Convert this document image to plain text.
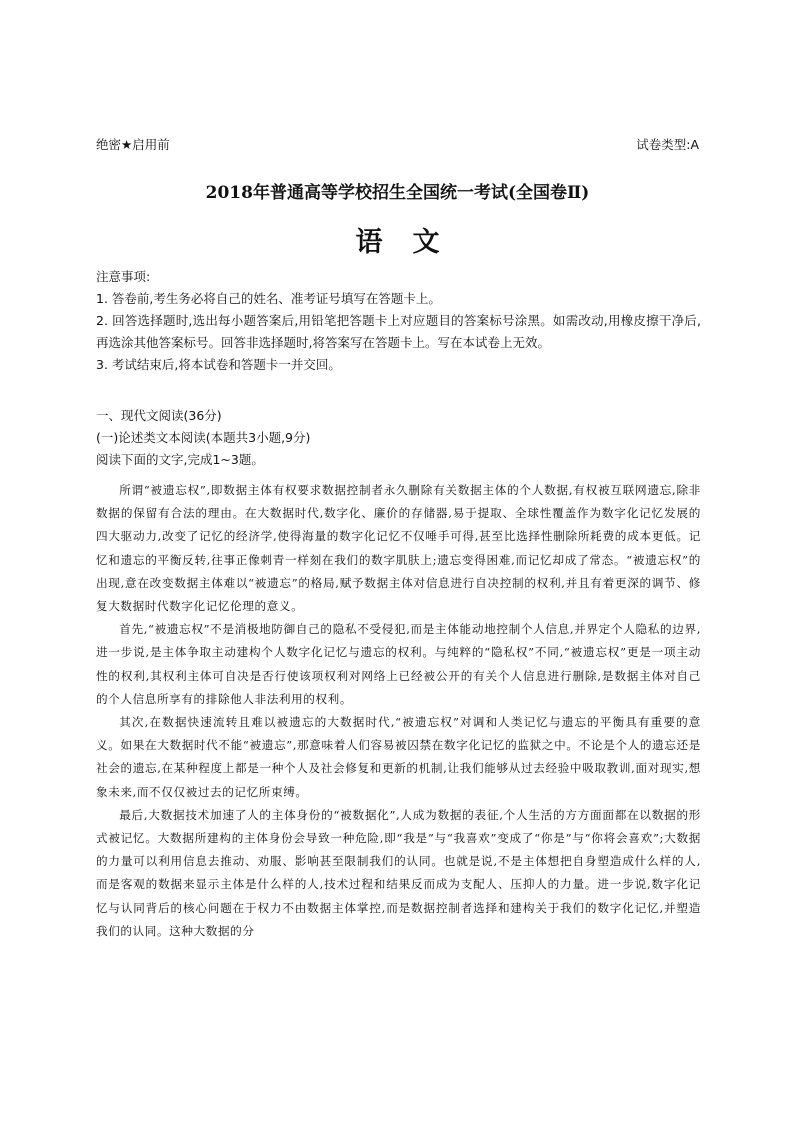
绝密★启用前	试卷类型:A
2018年普通高等学校招生全国统一考试(全国卷Ⅱ)
语文

注意事项:

1. 答卷前,考生务必将自己的姓名、准考证号填写在答题卡上。

2. 回答选择题时,选出每小题答案后,用铅笔把答题卡上对应题目的答案标号涂黑。如需改动,用橡皮擦干净后,再选涂其他答案标号。回答非选择题时,将答案写在答题卡上。写在本试卷上无效。

3. 考试结束后,将本试卷和答题卡一并交回。

一、现代文阅读(36分)

(一)论述类文本阅读(本题共3小题,9分)

阅读下面的文字,完成1~3题。

所谓“被遗忘权”,即数据主体有权要求数据控制者永久删除有关数据主体的个人数据,有权被互联网遗忘,除非数据的保留有合法的理由。在大数据时代,数字化、廉价的存储器,易于提取、全球性覆盖作为数字化记忆发展的四大驱动力,改变了记忆的经济学,使得海量的数字化记忆不仅唾手可得,甚至比选择性删除所耗费的成本更低。记忆和遗忘的平衡反转,往事正像刺青一样刻在我们的数字肌肤上;遗忘变得困难,而记忆却成了常态。“被遗忘权”的出现,意在改变数据主体难以“被遗忘”的格局,赋予数据主体对信息进行自决控制的权利,并且有着更深的调节、修复大数据时代数字化记忆伦理的意义。

首先,“被遗忘权”不是消极地防御自己的隐私不受侵犯,而是主体能动地控制个人信息,并界定个人隐私的边界,进一步说,是主体争取主动建构个人数字化记忆与遗忘的权利。与纯粹的“隐私权”不同,“被遗忘权”更是一项主动性的权利,其权利主体可自决是否行使该项权利对网络上已经被公开的有关个人信息进行删除,是数据主体对自己的个人信息所享有的排除他人非法利用的权利。

其次,在数据快速流转且难以被遗忘的大数据时代,“被遗忘权”对调和人类记忆与遗忘的平衡具有重要的意义。如果在大数据时代不能“被遗忘”,那意味着人们容易被囚禁在数字化记忆的监狱之中。不论是个人的遗忘还是社会的遗忘,在某种程度上都是一种个人及社会修复和更新的机制,让我们能够从过去经验中吸取教训,面对现实,想象未来,而不仅仅被过去的记忆所束缚。

最后,大数据技术加速了人的主体身份的“被数据化”,人成为数据的表征,个人生活的方方面面都在以数据的形式被记忆。大数据所建构的主体身份会导致一种危险,即“我是”与“我喜欢”变成了“你是”与“你将会喜欢”;大数据的力量可以利用信息去推动、劝服、影响甚至限制我们的认同。也就是说,不是主体想把自身塑造成什么样的人,而是客观的数据来显示主体是什么样的人,技术过程和结果反而成为支配人、压抑人的力量。进一步说,数字化记忆与认同背后的核心问题在于权力不由数据主体掌控,而是数据控制者选择和建构关于我们的数字化记忆,并塑造我们的认同。这种大数据的分
